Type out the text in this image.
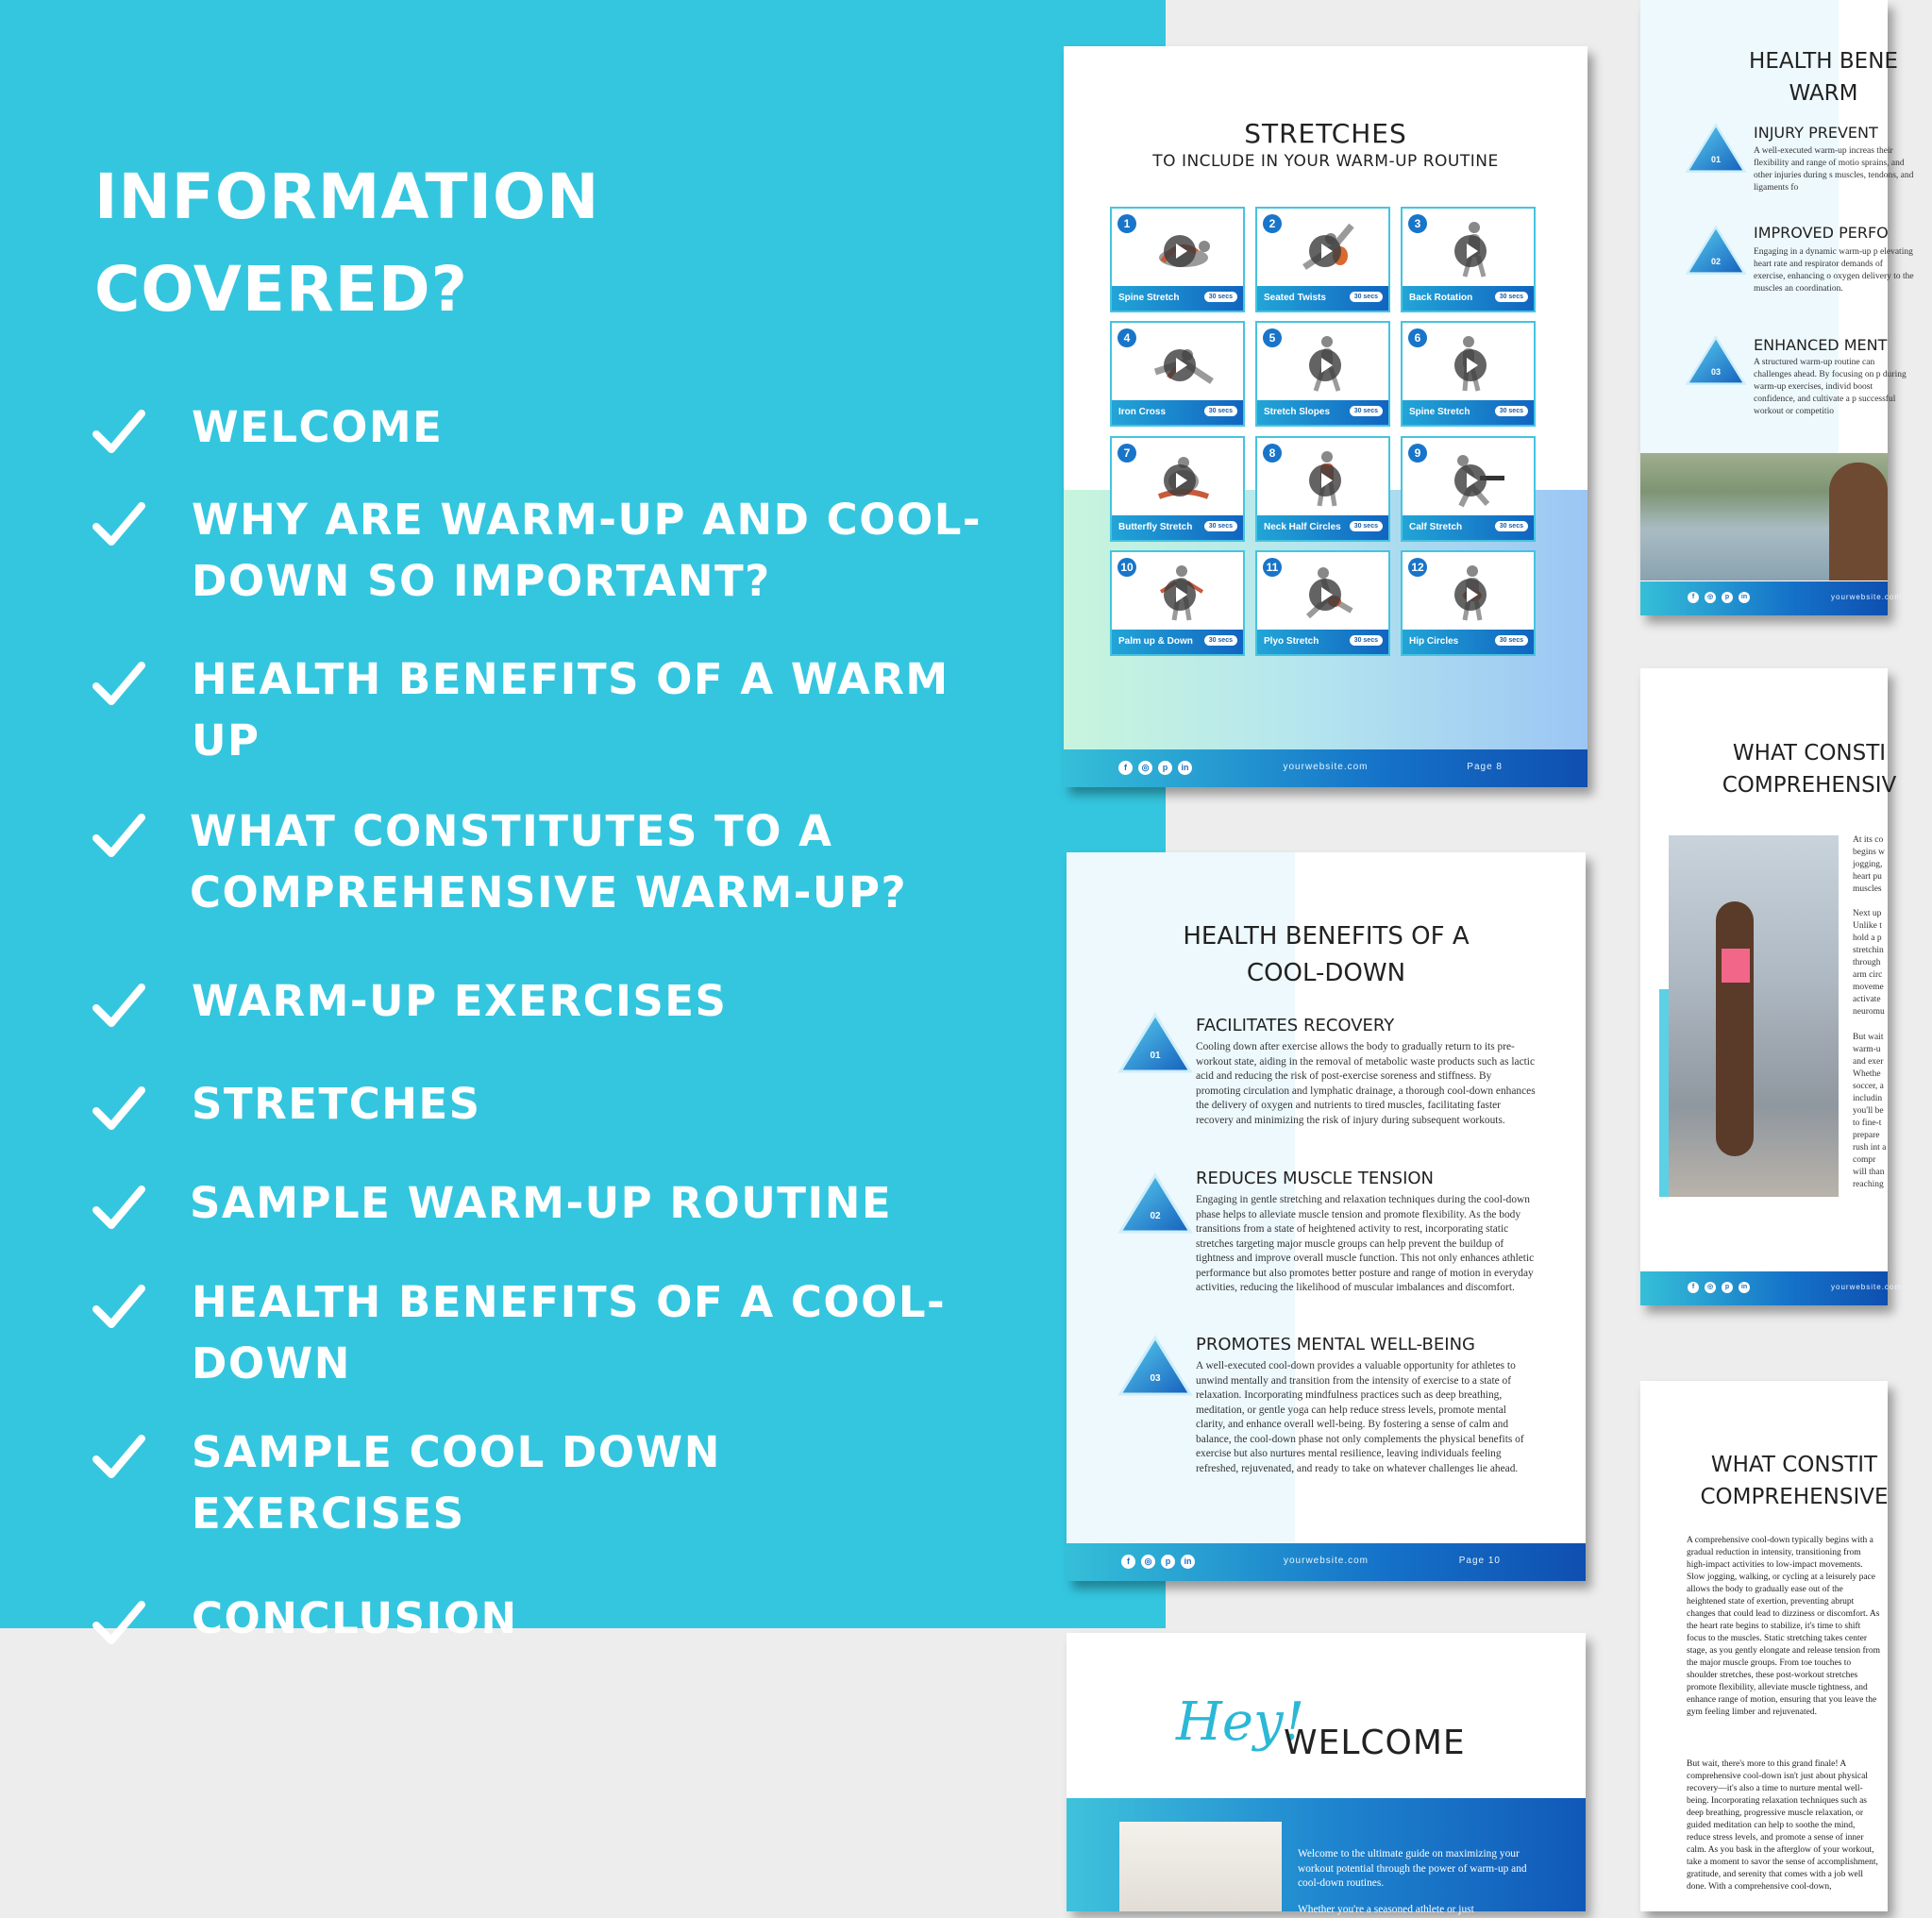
INFORMATION
COVERED?
WELCOME
WHY ARE WARM-UP AND COOL-DOWN SO IMPORTANT?
HEALTH BENEFITS OF A WARM UP
WHAT CONSTITUTES TO A COMPREHENSIVE WARM-UP?
WARM-UP EXERCISES
STRETCHES
SAMPLE WARM-UP ROUTINE
HEALTH BENEFITS OF A COOL-DOWN
SAMPLE COOL DOWN EXERCISES
CONCLUSION
STRETCHES
TO INCLUDE IN YOUR WARM-UP ROUTINE
1
Spine Stretch	30 secs
2
Seated Twists	30 secs
3
Back Rotation	30 secs
4
Iron Cross	30 secs
5
Stretch Slopes	30 secs
6
Spine Stretch	30 secs
7
Butterfly Stretch	30 secs
8
Neck Half Circles	30 secs
9
Calf Stretch	30 secs
10
Palm up & Down	30 secs
11
Plyo Stretch	30 secs
12
Hip Circles	30 secs
f	◎	p	in	yourwebsite.com	Page 8
HEALTH BENEFITS OF A
COOL-DOWN
01
FACILITATES RECOVERY
Cooling down after exercise allows the body to gradually return to its pre-workout state, aiding in the removal of metabolic waste products such as lactic acid and reducing the risk of post-exercise soreness and stiffness. By promoting circulation and lymphatic drainage, a thorough cool-down enhances the delivery of oxygen and nutrients to tired muscles, facilitating faster recovery and minimizing the risk of injury during subsequent workouts.
02
REDUCES MUSCLE TENSION
Engaging in gentle stretching and relaxation techniques during the cool-down phase helps to alleviate muscle tension and promote flexibility. As the body transitions from a state of heightened activity to rest, incorporating static stretches targeting major muscle groups can help prevent the buildup of tightness and improve overall muscle function. This not only enhances athletic performance but also promotes better posture and range of motion in everyday activities, reducing the likelihood of muscular imbalances and discomfort.
03
PROMOTES MENTAL WELL-BEING
A well-executed cool-down provides a valuable opportunity for athletes to unwind mentally and transition from the intensity of exercise to a state of relaxation. Incorporating mindfulness practices such as deep breathing, meditation, or gentle yoga can help reduce stress levels, promote mental clarity, and enhance overall well-being. By fostering a sense of calm and balance, the cool-down phase not only complements the physical benefits of exercise but also nurtures mental resilience, leaving individuals feeling refreshed, rejuvenated, and ready to take on whatever challenges lie ahead.
f	◎	p	in	yourwebsite.com	Page 10
Hey!
WELCOME
Welcome to the ultimate guide on maximizing your workout potential through the power of warm-up and cool-down routines.
Whether you're a seasoned athlete or just
HEALTH BENE
WARM
01
INJURY PREVENT
A well-executed warm-up increas their flexibility and range of motio sprains, and other injuries during s muscles, tendons, and ligaments fo
02
IMPROVED PERFO
Engaging in a dynamic warm-up p elevating heart rate and respirator demands of exercise, enhancing o oxygen delivery to the muscles an coordination.
03
ENHANCED MENT
A structured warm-up routine can challenges ahead. By focusing on p during warm-up exercises, individ boost confidence, and cultivate a p successful workout or competitio
f	◎	p	in	yourwebsite.com
WHAT CONSTI
COMPREHENSIV
At its co begins w jogging, heart pu muscles
Next up Unlike t hold a p stretchin through arm circ moveme activate neuromu
But wait warm-u and exer Whethe soccer, a includin you'll be to fine-t prepare rush int a compr will than reaching
f	◎	p	in	yourwebsite.com
WHAT CONSTIT
COMPREHENSIVE
A comprehensive cool-down typically begins with a gradual reduction in intensity, transitioning from high-impact activities to low-impact movements. Slow jogging, walking, or cycling at a leisurely pace allows the body to gradually ease out of the heightened state of exertion, preventing abrupt changes that could lead to dizziness or discomfort. As the heart rate begins to stabilize, it's time to shift focus to the muscles. Static stretching takes center stage, as you gently elongate and release tension from the major muscle groups. From toe touches to shoulder stretches, these post-workout stretches promote flexibility, alleviate muscle tightness, and enhance range of motion, ensuring that you leave the gym feeling limber and rejuvenated.
But wait, there's more to this grand finale! A comprehensive cool-down isn't just about physical recovery—it's also a time to nurture mental well-being. Incorporating relaxation techniques such as deep breathing, progressive muscle relaxation, or guided meditation can help to soothe the mind, reduce stress levels, and promote a sense of inner calm. As you bask in the afterglow of your workout, take a moment to savor the sense of accomplishment, gratitude, and serenity that comes with a job well done. With a comprehensive cool-down,
